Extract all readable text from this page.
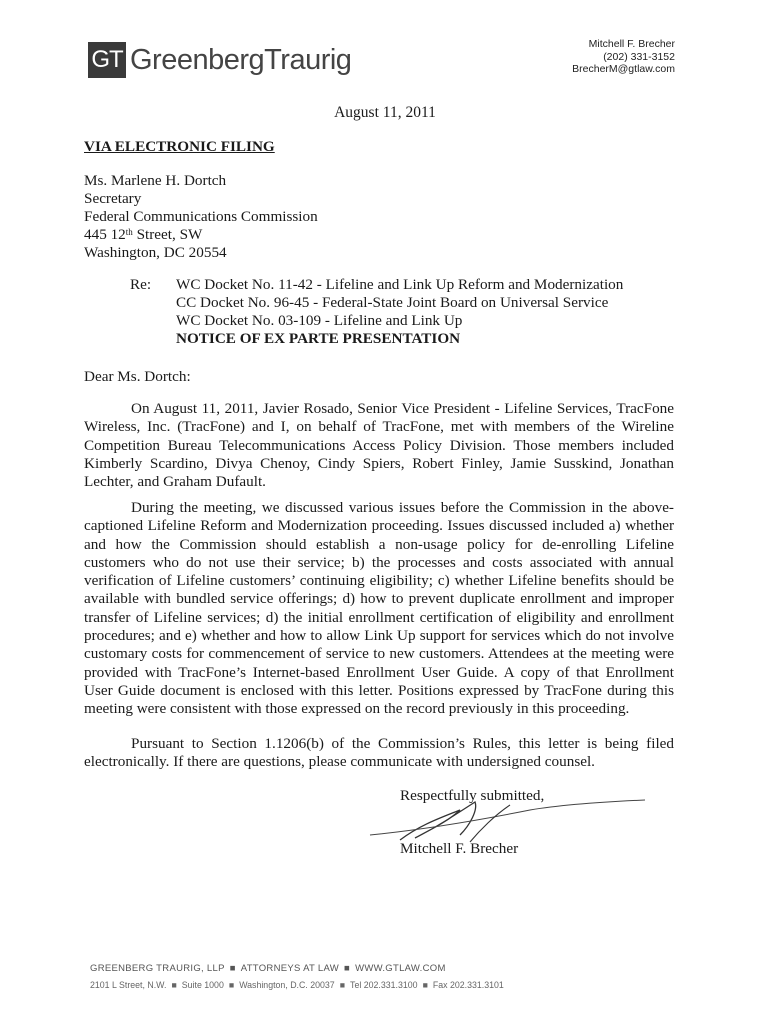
GT GreenbergTraurig	Mitchell F. Brecher
(202) 331-3152
BrecherM@gtlaw.com
August 11, 2011
VIA ELECTRONIC FILING
Ms. Marlene H. Dortch
Secretary
Federal Communications Commission
445 12th Street, SW
Washington, DC 20554
Re: WC Docket No. 11-42 - Lifeline and Link Up Reform and Modernization
CC Docket No. 96-45 - Federal-State Joint Board on Universal Service
WC Docket No. 03-109 - Lifeline and Link Up
NOTICE OF EX PARTE PRESENTATION
Dear Ms. Dortch:
On August 11, 2011, Javier Rosado, Senior Vice President - Lifeline Services, TracFone Wireless, Inc. (TracFone) and I, on behalf of TracFone, met with members of the Wireline Competition Bureau Telecommunications Access Policy Division. Those members included Kimberly Scardino, Divya Chenoy, Cindy Spiers, Robert Finley, Jamie Susskind, Jonathan Lechter, and Graham Dufault.
During the meeting, we discussed various issues before the Commission in the above-captioned Lifeline Reform and Modernization proceeding. Issues discussed included a) whether and how the Commission should establish a non-usage policy for de-enrolling Lifeline customers who do not use their service; b) the processes and costs associated with annual verification of Lifeline customers’ continuing eligibility; c) whether Lifeline benefits should be available with bundled service offerings; d) how to prevent duplicate enrollment and improper transfer of Lifeline services; d) the initial enrollment certification of eligibility and enrollment procedures; and e) whether and how to allow Link Up support for services which do not involve customary costs for commencement of service to new customers. Attendees at the meeting were provided with TracFone’s Internet-based Enrollment User Guide. A copy of that Enrollment User Guide document is enclosed with this letter. Positions expressed by TracFone during this meeting were consistent with those expressed on the record previously in this proceeding.
Pursuant to Section 1.1206(b) of the Commission’s Rules, this letter is being filed electronically. If there are questions, please communicate with undersigned counsel.
Respectfully submitted,
Mitchell F. Brecher
GREENBERG TRAURIG, LLP ■ ATTORNEYS AT LAW ■ WWW.GTLAW.COM
2101 L Street, N.W. ■ Suite 1000 ■ Washington, D.C. 20037 ■ Tel 202.331.3100 ■ Fax 202.331.3101
